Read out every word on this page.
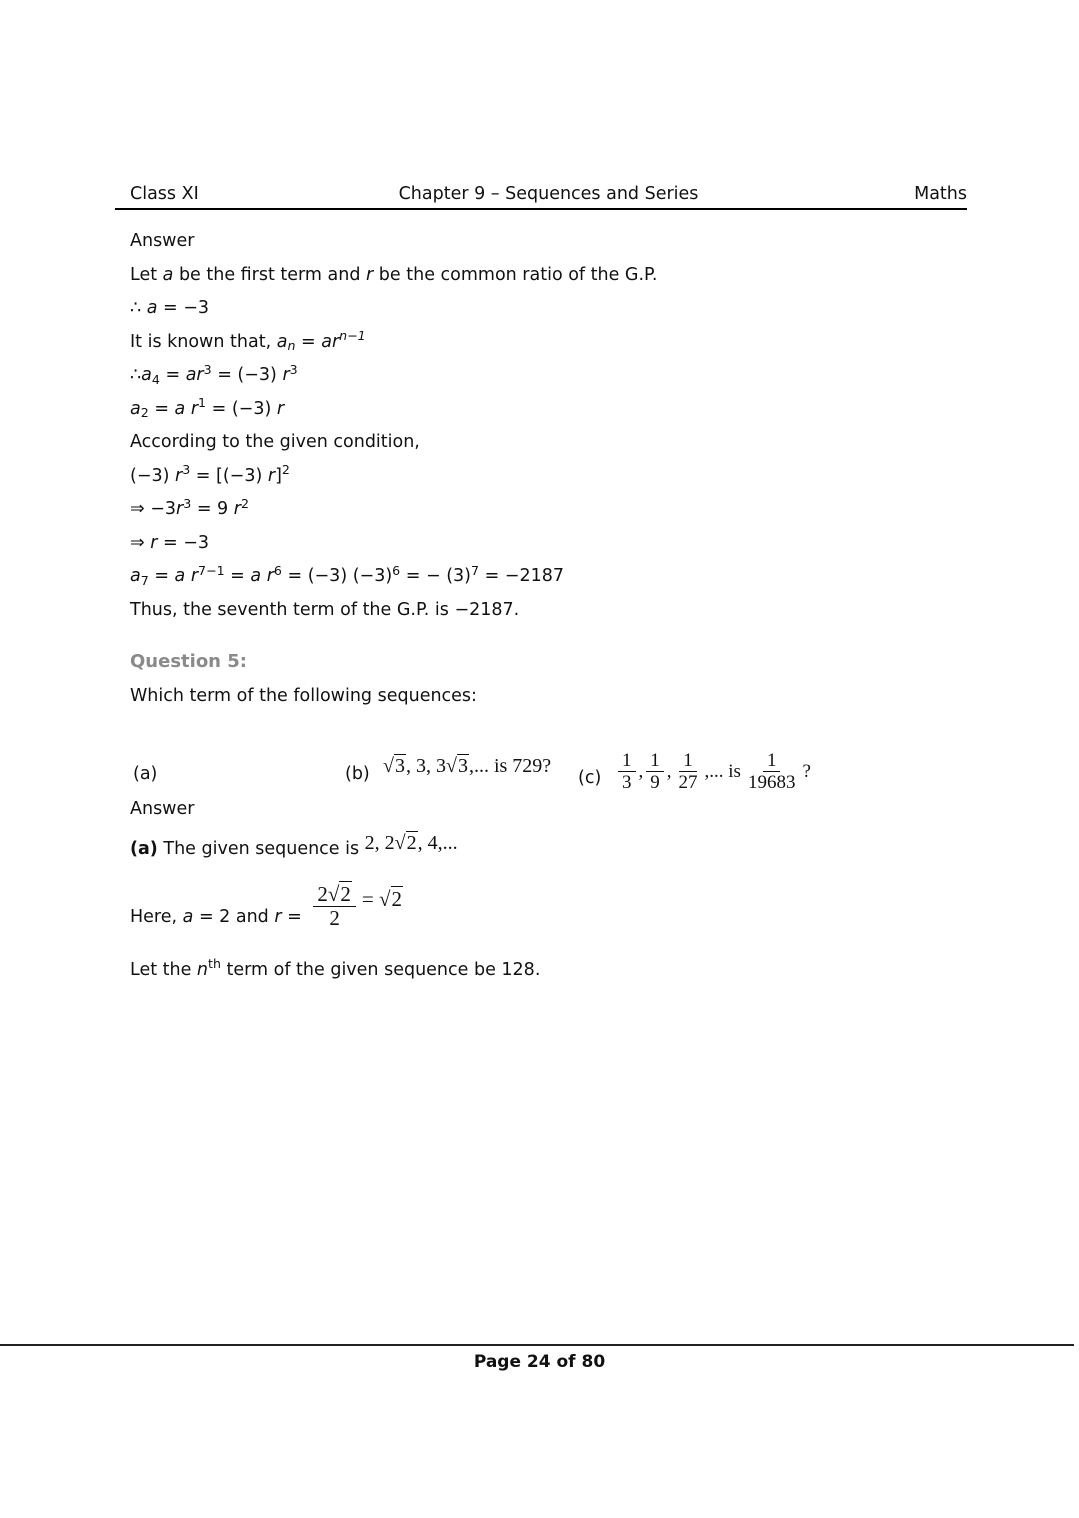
Class XI	Chapter 9 – Sequences and Series	Maths
Answer
Let a be the first term and r be the common ratio of the G.P.
∴ a = −3
It is known that, $a_n = ar^{n-1}$
$\therefore a_4 = ar^3 = (-3)$ $r^3$
$a_2 = a$ $r^1 = (-3)$ r
According to the given condition,
(−3) $r^3 = [(-3)$ r]$^2$
⇒ $-3r^3 = 9$ $r^2$
⇒ r = −3
$a_7 = a$ $r^{7-1} = a$ $r^6 = (-3) (-3)^6$ = − $(3)^7 = -2187$
Thus, the seventh term of the G.P. is −2187.
Question 5:
Which term of the following sequences:
(a)	(b) √3, 3, 3√3,... is 729?
$(c) \frac{1}{3}$ , $\frac{1}{9}$ , $\frac{1}{27}$ ,... is $\frac{1}{19683}$ ?
Answer
(a) The given sequence is 2, 2√2, 4,...
Here, a = 2 and $r = \frac{2√2}{2} = √2$
Let the $n^{th}$ term of the given sequence be 128.
Page 24 of 80
